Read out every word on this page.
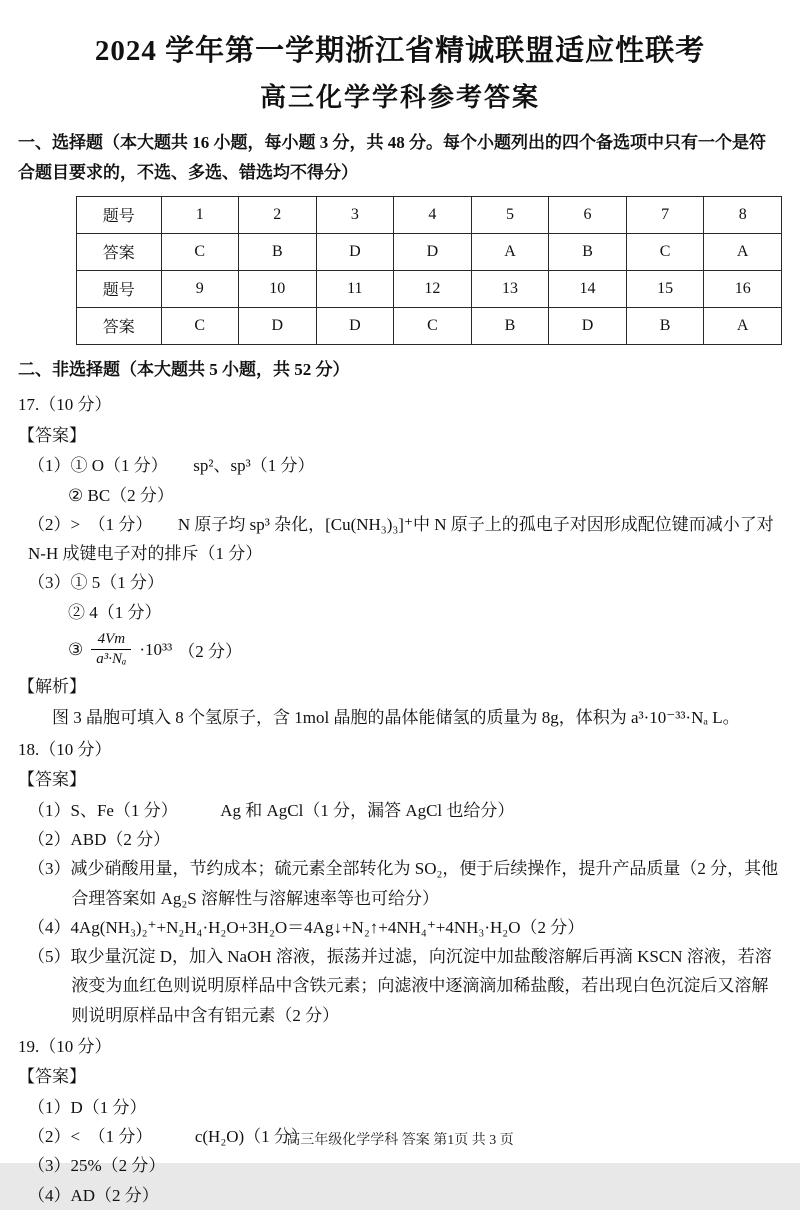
2024 学年第一学期浙江省精诚联盟适应性联考
高三化学学科参考答案

一、选择题（本大题共 16 小题，每小题 3 分，共 48 分。每个小题列出的四个备选项中只有一个是符合题目要求的，不选、多选、错选均不得分）

题号	1	2	3	4	5	6	7	8
答案	C	B	D	D	A	B	C	A
题号	9	10	11	12	13	14	15	16
答案	C	D	D	C	B	D	B	A

二、非选择题（本大题共 5 小题，共 52 分）

17.（10 分）

【答案】

（1）① O（1 分）　　sp²、sp³（1 分）

② BC（2 分）

（2）>　（1 分）　　N 原子均 sp³ 杂化，[Cu(NH₃)₃]⁺中 N 原子上的孤电子对因形成配位键而减小了对 N-H 成键电子对的排斥（1 分）

（3）① 5（1 分）

② 4（1 分）

③ $\frac{4Vm}{\text{a³·Nₐ}} \cdot 10^{33}$ （2 分）

【解析】

图 3 晶胞可填入 8 个氢原子，含 1mol 晶胞的晶体能储氢的质量为 8g，体积为 a³·10⁻³³·Nₐ L。

18.（10 分）

【答案】

（1）S、Fe（1 分）　　　Ag 和 AgCl（1 分，漏答 AgCl 也给分）

（2）ABD（2 分）

（3）减少硝酸用量，节约成本；硫元素全部转化为 SO₂，便于后续操作，提升产品质量（2 分，其他合理答案如 Ag₂S 溶解性与溶解速率等也可给分）

（4）4Ag(NH₃)₂⁺+N₂H₄·H₂O+3H₂O＝4Ag↓+N₂↑+4NH₄⁺+4NH₃·H₂O（2 分）

（5）取少量沉淀 D，加入 NaOH 溶液，振荡并过滤，向沉淀中加盐酸溶解后再滴 KSCN 溶液，若溶液变为血红色则说明原样品中含铁元素；向滤液中逐滴滴加稀盐酸，若出现白色沉淀后又溶解则说明原样品中含有铝元素（2 分）

19.（10 分）

【答案】

（1）D（1 分）

（2）<　（1 分）　　　c(H₂O)（1 分）

（3）25%（2 分）

（4）AD（2 分）

高三年级化学学科 答案 第1页 共 3 页
